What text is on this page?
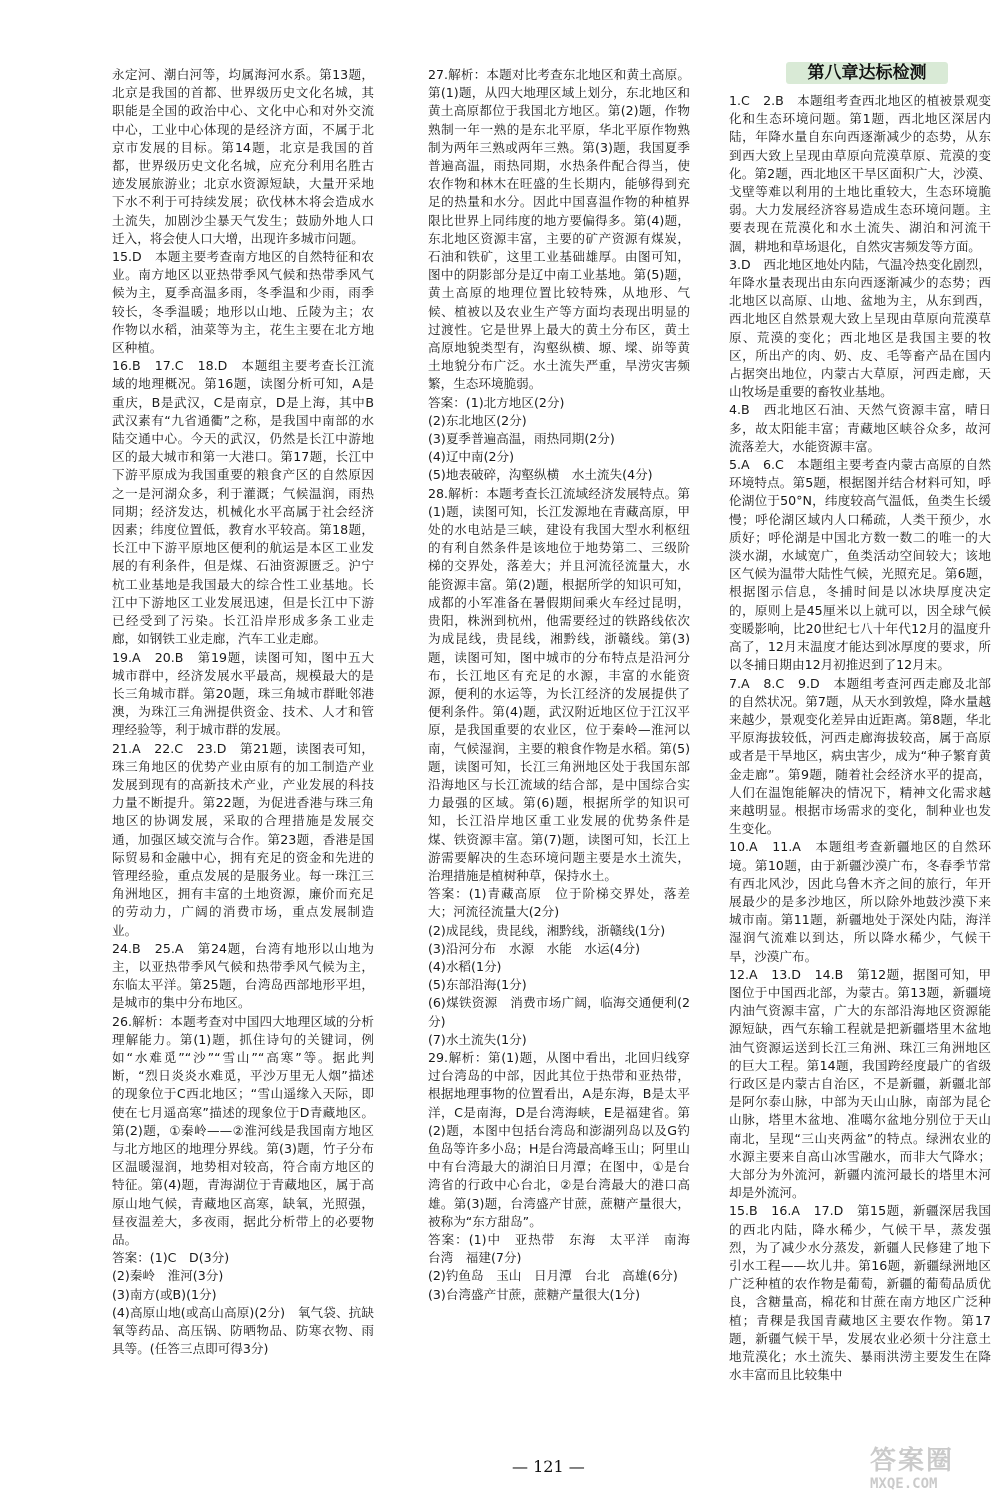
第八章达标检测

永定河、潮白河等，均属海河水系。第13题，北京是我国的首都、世界级历史文化名城，其职能是全国的政治中心、文化中心和对外交流中心，工业中心体现的是经济方面，不属于北京市发展的目标。第14题，北京是我国的首都，世界级历史文化名城，应充分利用名胜古迹发展旅游业；北京水资源短缺，大量开采地下水不利于可持续发展；砍伐林木将会造成水土流失，加剧沙尘暴天气发生；鼓励外地人口迁入，将会使人口大增，出现许多城市问题。

15.D　本题主要考查南方地区的自然特征和农业。南方地区以亚热带季风气候和热带季风气候为主，夏季高温多雨，冬季温和少雨，雨季较长，冬季温暖；地形以山地、丘陵为主；农作物以水稻，油菜等为主，花生主要在北方地区种植。

16.B　17.C　18.D　本题组主要考查长江流域的地理概况。第16题，读图分析可知，A是重庆，B是武汉，C是南京，D是上海，其中B武汉素有“九省通衢”之称，是我国中南部的水陆交通中心。今天的武汉，仍然是长江中游地区的最大城市和第一大港口。第17题，长江中下游平原成为我国重要的粮食产区的自然原因之一是河湖众多，利于灌溉；气候温润，雨热同期；经济发达，机械化水平高属于社会经济因素；纬度位置低，教育水平较高。第18题，长江中下游平原地区便利的航运是本区工业发展的有利条件，但是煤、石油资源匮乏。沪宁杭工业基地是我国最大的综合性工业基地。长江中下游地区工业发展迅速，但是长江中下游已经受到了污染。长江沿岸形成多条工业走廊，如钢铁工业走廊，汽车工业走廊。

19.A　20.B　第19题，读图可知，图中五大城市群中，经济发展水平最高，规模最大的是长三角城市群。第20题，珠三角城市群毗邻港澳，为珠江三角洲提供资金、技术、人才和管理经验等，利于城市群的发展。

21.A　22.C　23.D　第21题，读图表可知，珠三角地区的优势产业由原有的加工制造产业发展到现有的高新技术产业，产业发展的科技力量不断提升。第22题，为促进香港与珠三角地区的协调发展，采取的合理措施是发展交通，加强区域交流与合作。第23题，香港是国际贸易和金融中心，拥有充足的资金和先进的管理经验，重点发展的是服务业。每一珠江三角洲地区，拥有丰富的土地资源，廉价而充足的劳动力，广阔的消费市场，重点发展制造业。

24.B　25.A　第24题，台湾有地形以山地为主，以亚热带季风气候和热带季风气候为主，东临太平洋。第25题，台湾岛西部地形平坦，是城市的集中分布地区。

26.解析：本题考查对中国四大地理区域的分析理解能力。第(1)题，抓住诗句的关键词，例如“水难觅”“沙”“雪山”“高寒”等。据此判断，“烈日炎炎水难觅，平沙万里无人烟”描述的现象位于C西北地区；“雪山遥缘入天际，即使在七月遥高寒”描述的现象位于D青藏地区。第(2)题，①秦岭——②淮河线是我国南方地区与北方地区的地理分界线。第(3)题，竹子分布区温暖湿润，地势相对较高，符合南方地区的特征。第(4)题，青海湖位于青藏地区，属于高原山地气候，青藏地区高寒，缺氧，光照强，昼夜温差大，多夜雨，据此分析带上的必要物品。

答案：(1)C　D(3分)

(2)秦岭　淮河(3分)

(3)南方(或B)(1分)

(4)高原山地(或高山高原)(2分)　氧气袋、抗缺氧等药品、高压锅、防晒物品、防寒衣物、雨具等。(任答三点即可得3分)

27.解析：本题对比考查东北地区和黄土高原。第(1)题，从四大地理区域上划分，东北地区和黄土高原都位于我国北方地区。第(2)题，作物熟制一年一熟的是东北平原，华北平原作物熟制为两年三熟或两年三熟。第(3)题，我国夏季普遍高温，雨热同期，水热条件配合得当，使农作物和林木在旺盛的生长期内，能够得到充足的热量和水分。因此中国喜温作物的种植界限比世界上同纬度的地方要偏得多。第(4)题，东北地区资源丰富，主要的矿产资源有煤炭，石油和铁矿，这里工业基础雄厚。由图可知，图中的阴影部分是辽中南工业基地。第(5)题，黄土高原的地理位置比较特殊，从地形、气候、植被以及农业生产等方面均表现出明显的过渡性。它是世界上最大的黄土分布区，黄土高原地貌类型有，沟壑纵横、塬、墚、峁等黄土地貌分布广泛。水土流失严重，旱涝灾害频繁，生态环境脆弱。

答案：(1)北方地区(2分)

(2)东北地区(2分)

(3)夏季普遍高温，雨热同期(2分)

(4)辽中南(2分)

(5)地表破碎，沟壑纵横　水土流失(4分)

28.解析：本题考查长江流域经济发展特点。第(1)题，读图可知，长江发源地在青藏高原，甲处的水电站是三峡，建设有我国大型水利枢纽的有利自然条件是该地位于地势第二、三级阶梯的交界处，落差大；并且河流径流量大，水能资源丰富。第(2)题，根据所学的知识可知，成都的小军准备在暑假期间乘火车经过昆明，贵阳，株洲到杭州，他需要经过的铁路线依次为成昆线，贵昆线，湘黔线，浙赣线。第(3)题，读图可知，图中城市的分布特点是沿河分布，长江地区有充足的水源，丰富的水能资源，便利的水运等，为长江经济的发展提供了便利条件。第(4)题，武汉附近地区位于江汉平原，是我国重要的农业区，位于秦岭—淮河以南，气候湿润，主要的粮食作物是水稻。第(5)题，读图可知，长江三角洲地区处于我国东部沿海地区与长江流域的结合部，是中国综合实力最强的区域。第(6)题，根据所学的知识可知，长江沿岸地区重工业发展的优势条件是煤、铁资源丰富。第(7)题，读图可知，长江上游需要解决的生态环境问题主要是水土流失，治理措施是植树种草，保持水土。

答案：(1)青藏高原　位于阶梯交界处，落差大；河流径流量大(2分)

(2)成昆线，贵昆线，湘黔线，浙赣线(1分)

(3)沿河分布　水源　水能　水运(4分)

(4)水稻(1分)

(5)东部沿海(1分)

(6)煤铁资源　消费市场广阔，临海交通便利(2分)

(7)水土流失(1分)

29.解析：第(1)题，从图中看出，北回归线穿过台湾岛的中部，因此其位于热带和亚热带，根据地理事物的位置看出，A是东海，B是太平洋，C是南海，D是台湾海峡，E是福建省。第(2)题，本图中包括台湾岛和澎湖列岛以及G钓鱼岛等许多小岛；H是台湾最高峰玉山；阿里山中有台湾最大的湖泊日月潭；在图中，①是台湾省的行政中心台北，②是台湾最大的港口高雄。第(3)题，台湾盛产甘蔗，蔗糖产量很大，被称为“东方甜岛”。

答案：(1)中　亚热带　东海　太平洋　南海　台湾　福建(7分)

(2)钓鱼岛　玉山　日月潭　台北　高雄(6分)

(3)台湾盛产甘蔗，蔗糖产量很大(1分)

1.C　2.B　本题组考查西北地区的植被景观变化和生态环境问题。第1题，西北地区深居内陆，年降水量自东向西逐渐减少的态势，从东到西大致上呈现由草原向荒漠草原、荒漠的变化。第2题，西北地区干旱区面积广大，沙漠、戈壁等难以利用的土地比重较大，生态环境脆弱。大力发展经济容易造成生态环境问题。主要表现在荒漠化和水土流失、湖泊和河流干涸，耕地和草场退化，自然灾害频发等方面。

3.D　西北地区地处内陆，气温冷热变化剧烈，年降水量表现出由东向西逐渐减少的态势；西北地区以高原、山地、盆地为主，从东到西，西北地区自然景观大致上呈现由草原向荒漠草原、荒漠的变化；西北地区是我国主要的牧区，所出产的肉、奶、皮、毛等畜产品在国内占据突出地位，内蒙古大草原，河西走廊，天山牧场是重要的畜牧业基地。

4.B　西北地区石油、天然气资源丰富，晴日多，故太阳能丰富；青藏地区峡谷众多，故河流落差大，水能资源丰富。

5.A　6.C　本题组主要考查内蒙古高原的自然环境特点。第5题，根据图并结合材料可知，呼伦湖位于50°N，纬度较高气温低，鱼类生长缓慢；呼伦湖区域内人口稀疏，人类干预少，水质好；呼伦湖是中国北方数一数二的唯一的大淡水湖，水域宽广，鱼类活动空间较大；该地区气候为温带大陆性气候，光照充足。第6题，根据图示信息，冬捕时间是以冰块厚度决定的，原则上是45厘米以上就可以，因全球气候变暖影响，比20世纪七八十年代12月的温度升高了，12月末温度才能达到冰厚度的要求，所以冬捕日期由12月初推迟到了12月末。

7.A　8.C　9.D　本题组考查河西走廊及北部的自然状况。第7题，从天水到敦煌，降水量越来越少，景观变化差异由近距离。第8题，华北平原海拔较低，河西走廊海拔较高，属于高原或者是干旱地区，病虫害少，成为“种子繁育黄金走廊”。第9题，随着社会经济水平的提高，人们在温饱能解决的情况下，精神文化需求越来越明显。根据市场需求的变化，制种业也发生变化。

10.A　11.A　本题组考查新疆地区的自然环境。第10题，由于新疆沙漠广布，冬春季节常有西北风沙，因此乌鲁木齐之间的旅行，年开展最少的是多沙地区，所以除外地鼓沙漠下来城市南。第11题，新疆地处于深处内陆，海洋湿润气流难以到达，所以降水稀少，气候干旱，沙漠广布。

12.A　13.D　14.B　第12题，据图可知，甲图位于中国西北部，为蒙古。第13题，新疆境内油气资源丰富，广大的东部沿海地区资源能源短缺，西气东输工程就是把新疆塔里木盆地油气资源运送到长江三角洲、珠江三角洲地区的巨大工程。第14题，我国跨经度最广的省级行政区是内蒙古自治区，不是新疆，新疆北部是阿尔泰山脉，中部为天山山脉，南部为昆仑山脉，塔里木盆地、准噶尔盆地分别位于天山南北，呈现“三山夹两盆”的特点。绿洲农业的水源主要来自高山冰雪融水，而非大气降水；大部分为外流河，新疆内流河最长的塔里木河却是外流河。

15.B　16.A　17.D　第15题，新疆深居我国的西北内陆，降水稀少，气候干旱，蒸发强烈，为了减少水分蒸发，新疆人民修建了地下引水工程——坎儿井。第16题，新疆绿洲地区广泛种植的农作物是葡萄，新疆的葡萄品质优良，含糖量高，棉花和甘蔗在南方地区广泛种植；青稞是我国青藏地区主要农作物。第17题，新疆气候干旱，发展农业必须十分注意土地荒漠化；水土流失、暴雨洪涝主要发生在降水丰富而且比较集中

— 121 —	答案圈
MXQE.COM
